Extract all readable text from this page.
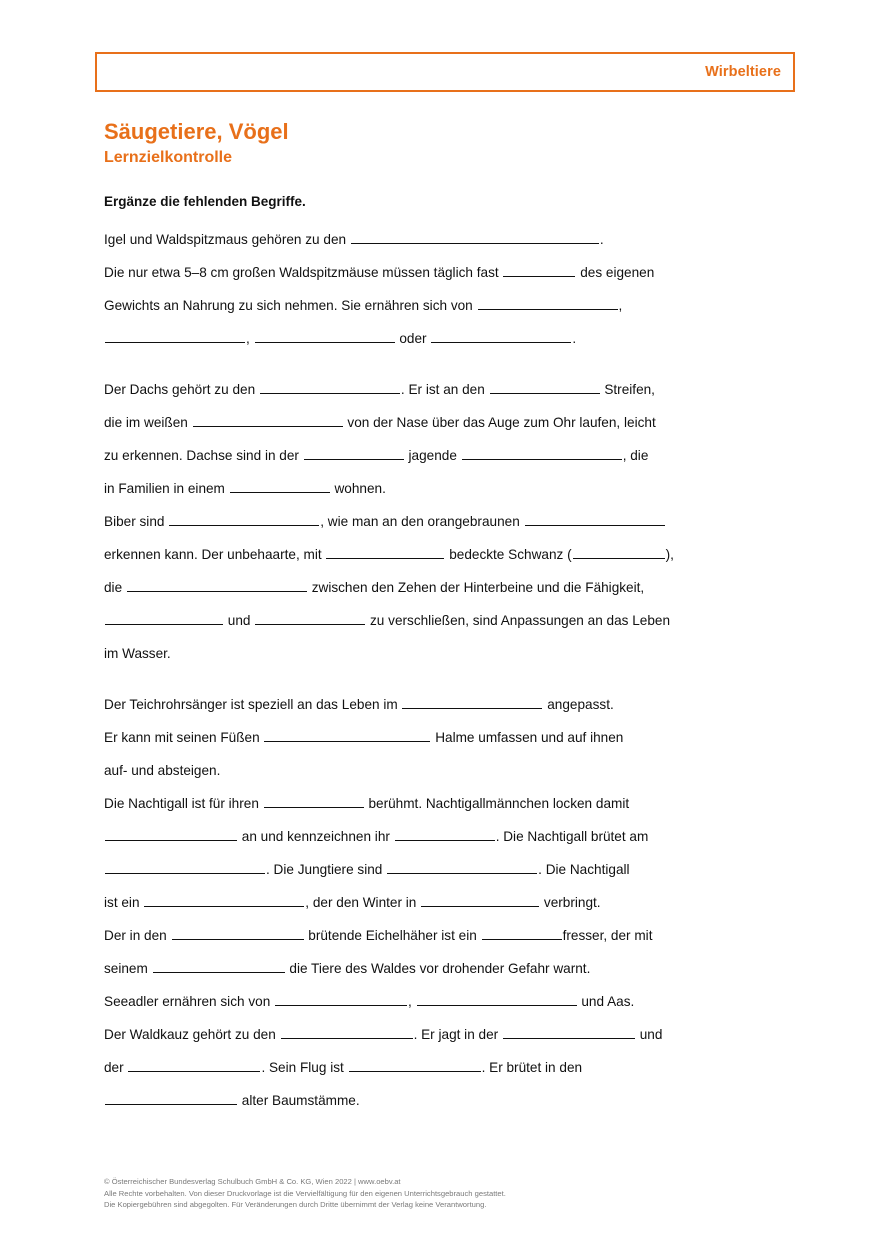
Wirbeltiere
Säugetiere, Vögel
Lernzielkontrolle

Ergänze die fehlenden Begriffe.

Igel und Waldspitzmaus gehören zu den	.

Die nur etwa 5–8 cm großen Waldspitzmäuse müssen täglich fast	des eigenen

Gewichts an Nahrung zu sich nehmen. Sie ernähren sich von	,

,	oder	.

Der Dachs gehört zu den	. Er ist an den	Streifen,

die im weißen	von der Nase über das Auge zum Ohr laufen, leicht

zu erkennen. Dachse sind in der	jagende	, die

in Familien in einem	wohnen.

Biber sind	, wie man an den orangebraunen

erkennen kann. Der unbehaarte, mit	bedeckte Schwanz (	),

die	zwischen den Zehen der Hinterbeine und die Fähigkeit,

und	zu verschließen, sind Anpassungen an das Leben

im Wasser.

Der Teichrohrsänger ist speziell an das Leben im	angepasst.

Er kann mit seinen Füßen	Halme umfassen und auf ihnen

auf- und absteigen.

Die Nachtigall ist für ihren	berühmt. Nachtigallmännchen locken damit

an und kennzeichnen ihr	. Die Nachtigall brütet am

. Die Jungtiere sind	. Die Nachtigall

ist ein	, der den Winter in	verbringt.

Der in den	brütende Eichelhäher ist ein	fresser, der mit

seinem	die Tiere des Waldes vor drohender Gefahr warnt.

Seeadler ernähren sich von	,	und Aas.

Der Waldkauz gehört zu den	. Er jagt in der	und

der	. Sein Flug ist	. Er brütet in den

alter Baumstämme.

© Österreichischer Bundesverlag Schulbuch GmbH & Co. KG, Wien 2022 | www.oebv.at
Alle Rechte vorbehalten. Von dieser Druckvorlage ist die Vervielfältigung für den eigenen Unterrichtsgebrauch gestattet.
Die Kopiergebühren sind abgegolten. Für Veränderungen durch Dritte übernimmt der Verlag keine Verantwortung.
